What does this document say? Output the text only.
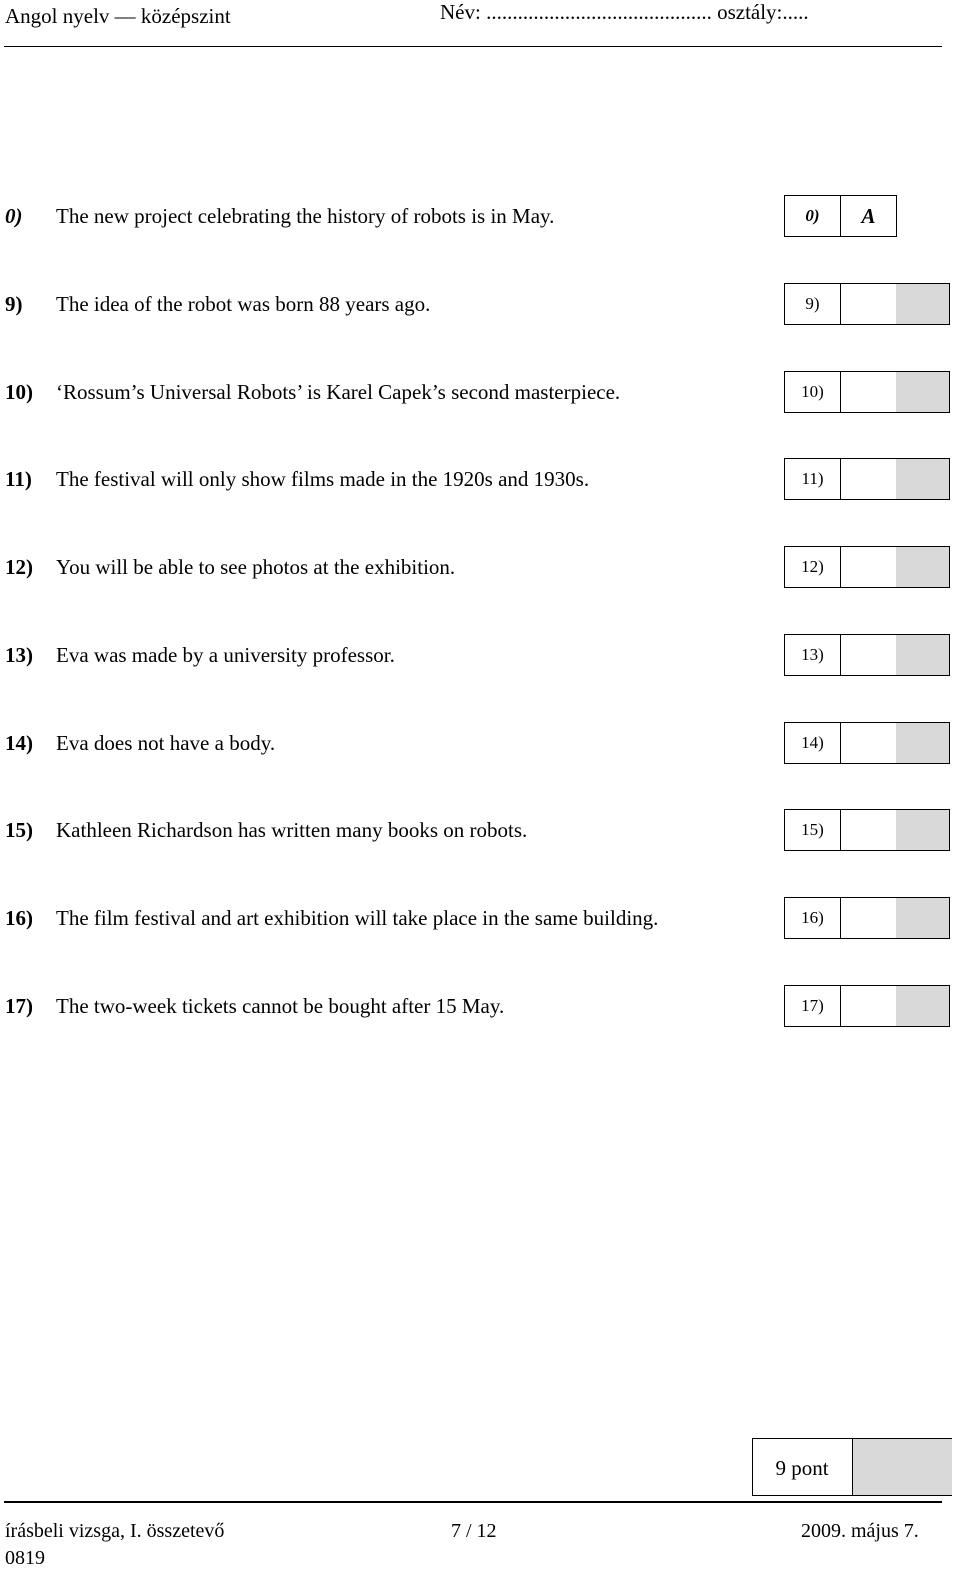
Angol nyelv — középszint	Név: ........................................... osztály:.....
0) The new project celebrating the history of robots is in May.	0)	A
9) The idea of the robot was born 88 years ago.	9)
10) ‘Rossum’s Universal Robots’ is Karel Capek’s second masterpiece.	10)
11) The festival will only show films made in the 1920s and 1930s.	11)
12) You will be able to see photos at the exhibition.	12)
13) Eva was made by a university professor.	13)
14) Eva does not have a body.	14)
15) Kathleen Richardson has written many books on robots.	15)
16) The film festival and art exhibition will take place in the same building.	16)
17) The two-week tickets cannot be bought after 15 May.	17)
9 pont
írásbeli vizsga, I. összetevő	7 / 12	2009. május 7.
0819
